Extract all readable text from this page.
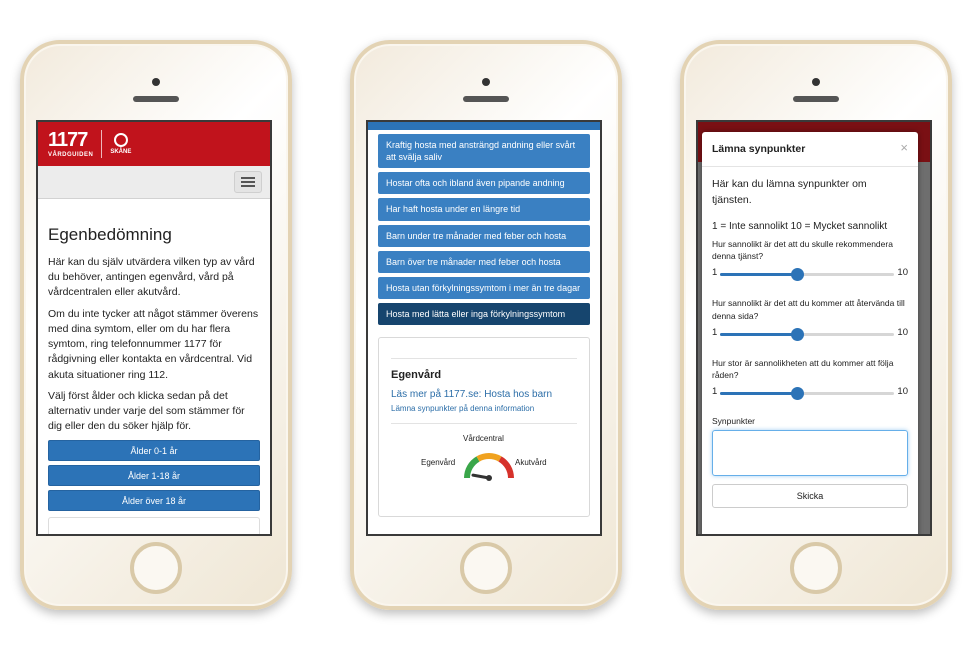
1177
VÅRDGUIDEN	SKÅNE
Egenbedömning

Här kan du själv utvärdera vilken typ av vård du behöver, antingen egenvård, vård på vårdcentralen eller akutvård.

Om du inte tycker att något stämmer överens med dina symtom, eller om du har flera symtom, ring telefonnummer 1177 för rådgivning eller kontakta en vårdcentral. Vid akuta situationer ring 112.

Välj först ålder och klicka sedan på det alternativ under varje del som stämmer för dig eller den du söker hjälp för.

Ålder 0-1 år
Ålder 1-18 år
Ålder över 18 år
Kraftig hosta med ansträngd andning eller svårt att svälja saliv
Hostar ofta och ibland även pipande andning
Har haft hosta under en längre tid
Barn under tre månader med feber och hosta
Barn över tre månader med feber och hosta
Hosta utan förkylningssymtom i mer än tre dagar
Hosta med lätta eller inga förkylningssymtom
Egenvård
Läs mer på 1177.se: Hosta hos barn
Lämna synpunkter på denna information
Vårdcentral
Egenvård	Akutvård
Lämna synpunkter	×

Här kan du lämna synpunkter om tjänsten.

1 = Inte sannolikt 10 = Mycket sannolikt

Hur sannolikt är det att du skulle rekommendera denna tjänst?

1	10

Hur sannolikt är det att du kommer att återvända till denna sida?

1	10

Hur stor är sannolikheten att du kommer att följa råden?

1	10
Synpunkter
Skicka
